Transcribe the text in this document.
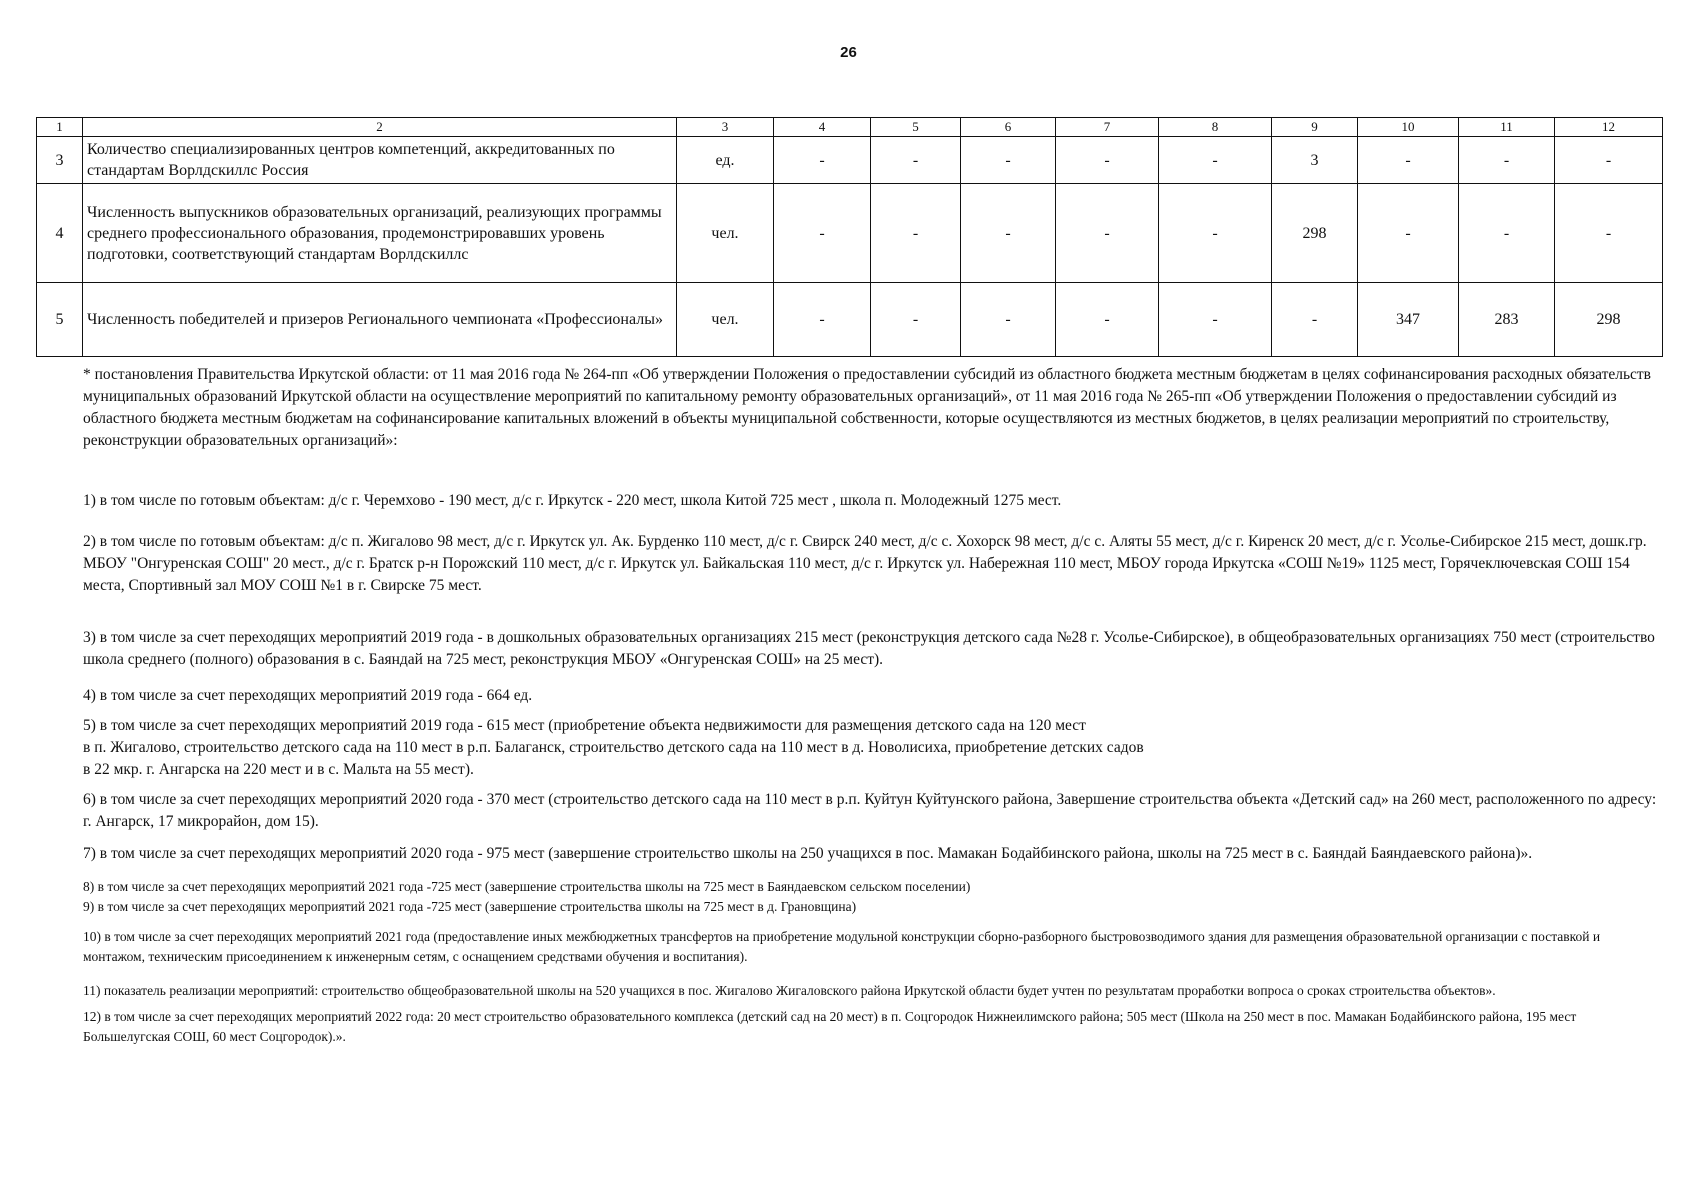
26
1	2	3	4	5	6	7	8	9	10	11	12
3	Количество специализированных центров компетенций, аккредитованных по стандартам Ворлдскиллс Россия	ед.	-	-	-	-	-	3	-	-	-
4	Численность выпускников образовательных организаций, реализующих программы среднего профессионального образования, продемонстрировавших уровень подготовки, соответствующий стандартам Ворлдскиллс	чел.	-	-	-	-	-	298	-	-	-
5	Численность победителей и призеров Регионального чемпионата «Профессионалы»	чел.	-	-	-	-	-	-	347	283	298

* постановления Правительства Иркутской области: от 11 мая 2016 года № 264-пп «Об утверждении Положения о предоставлении субсидий из областного бюджета местным бюджетам в целях софинансирования расходных обязательств муниципальных образований Иркутской области на осуществление мероприятий по капитальному ремонту образовательных организаций», от 11 мая 2016 года № 265-пп «Об утверждении Положения о предоставлении субсидий из областного бюджета местным бюджетам на софинансирование капитальных вложений в объекты муниципальной собственности, которые осуществляются из местных бюджетов, в целях реализации мероприятий по строительству, реконструкции образовательных организаций»:

1) в том числе по готовым объектам: д/с г. Черемхово - 190 мест, д/с г. Иркутск - 220 мест, школа Китой 725 мест , школа п. Молодежный 1275 мест.

2) в том числе по готовым объектам: д/с п. Жигалово 98 мест, д/с г. Иркутск ул. Ак. Бурденко 110 мест, д/с г. Свирск 240 мест, д/с с. Хохорск 98 мест, д/с с. Аляты 55 мест, д/с г. Киренск 20 мест, д/с г. Усолье-Сибирское 215 мест, дошк.гр. МБОУ "Онгуренская СОШ" 20 мест., д/с г. Братск р-н Порожский 110 мест, д/с г. Иркутск ул. Байкальская 110 мест, д/с г. Иркутск ул. Набережная 110 мест, МБОУ города Иркутска «СОШ №19» 1125 мест, Горячеключевская СОШ 154 места, Спортивный зал МОУ СОШ №1 в г. Свирске 75 мест.

3) в том числе за счет переходящих мероприятий 2019 года - в дошкольных образовательных организациях 215 мест (реконструкция детского сада №28 г. Усолье-Сибирское), в общеобразовательных организациях 750 мест (строительство школа среднего (полного) образования в с. Баяндай на 725 мест, реконструкция МБОУ «Онгуренская СОШ» на 25 мест).

4) в том числе за счет переходящих мероприятий 2019 года - 664 ед.

5) в том числе за счет переходящих мероприятий 2019 года - 615 мест (приобретение объекта недвижимости для размещения детского сада на 120 мест

в п. Жигалово, строительство детского сада на 110 мест в р.п. Балаганск, строительство детского сада на 110 мест в д. Новолисиха, приобретение детских садов

в 22 мкр. г. Ангарска на 220 мест и в с. Мальта на 55 мест).

6) в том числе за счет переходящих мероприятий 2020 года - 370 мест (строительство детского сада на 110 мест в р.п. Куйтун Куйтунского района, Завершение строительства объекта «Детский сад» на 260 мест, расположенного по адресу: г. Ангарск, 17 микрорайон, дом 15).

7) в том числе за счет переходящих мероприятий 2020 года - 975 мест (завершение строительство школы на 250 учащихся в пос. Мамакан Бодайбинского района, школы на 725 мест в с. Баяндай Баяндаевского района)».

8) в том числе за счет переходящих мероприятий 2021 года -725 мест (завершение строительства школы на 725 мест в Баяндаевском сельском поселении)

9) в том числе за счет переходящих мероприятий 2021 года -725 мест (завершение строительства школы на 725 мест в д. Грановщина)

10) в том числе за счет переходящих мероприятий 2021 года (предоставление иных межбюджетных трансфертов на приобретение модульной конструкции сборно-разборного быстровозводимого здания для размещения образовательной организации с поставкой и монтажом, техническим присоединением к инженерным сетям, с оснащением средствами обучения и воспитания).

11) показатель реализации мероприятий: строительство общеобразовательной школы на 520 учащихся в пос. Жигалово Жигаловского района Иркутской области будет учтен по результатам проработки вопроса о сроках строительства объектов».

12) в том числе за счет переходящих мероприятий 2022 года: 20 мест строительство образовательного комплекса (детский сад на 20 мест) в п. Соцгородок Нижнеилимского района; 505 мест (Школа на 250 мест в пос. Мамакан Бодайбинского района, 195 мест Большелугская СОШ, 60 мест Соцгородок).».
